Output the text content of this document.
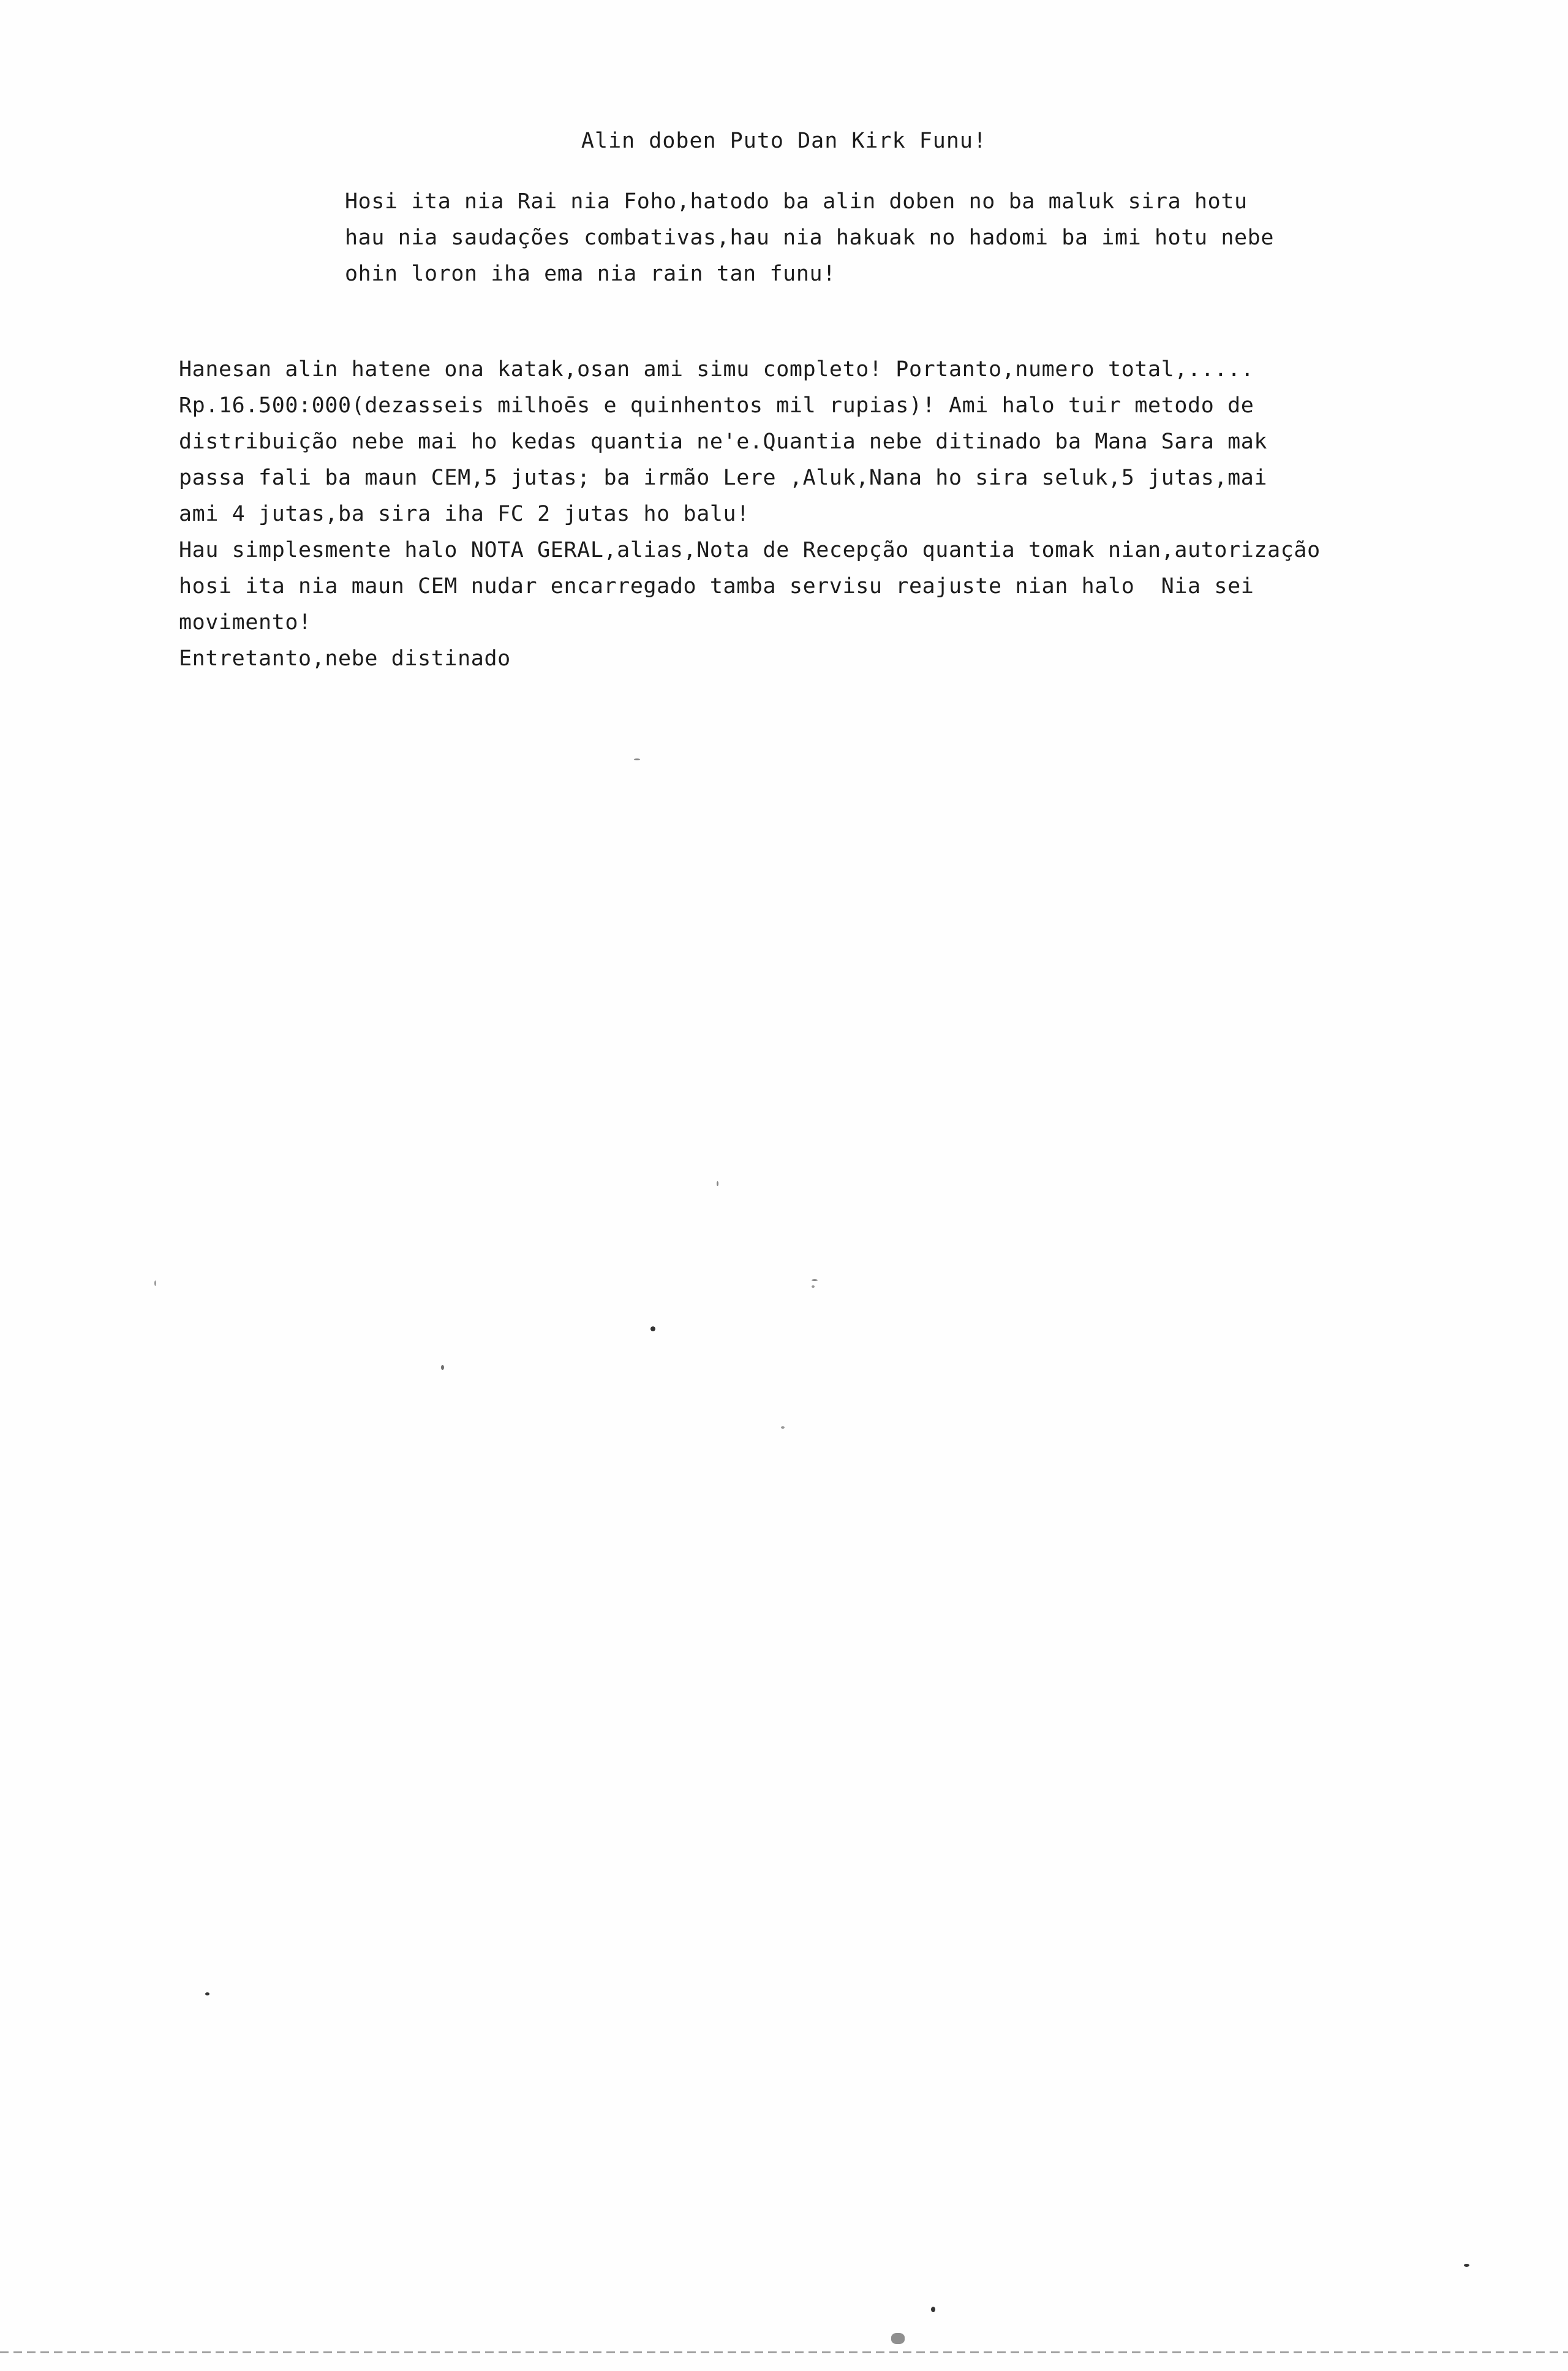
Alin doben Puto Dan Kirk Funu!
Hosi ita nia Rai nia Foho,hatodo ba alin doben no ba maluk sira hotu
hau nia saudações combativas,hau nia hakuak no hadomi ba imi hotu nebe
ohin loron iha ema nia rain tan funu!
Hanesan alin hatene ona katak,osan ami simu completo! Portanto,numero total,.....
Rp.16.500:000(dezasseis milhoēs e quinhentos mil rupias)! Ami halo tuir metodo de
distribuição nebe mai ho kedas quantia ne'e.Quantia nebe ditinado ba Mana Sara mak
passa fali ba maun CEM,5 jutas; ba irmão Lere ,Aluk,Nana ho sira seluk,5 jutas,mai
ami 4 jutas,ba sira iha FC 2 jutas ho balu!
Hau simplesmente halo NOTA GERAL,alias,Nota de Recepção quantia tomak nian,autorização
hosi ita nia maun CEM nudar encarregado tamba servisu reajuste nian halo  Nia sei
movimento!
Entretanto,nebe distinado
